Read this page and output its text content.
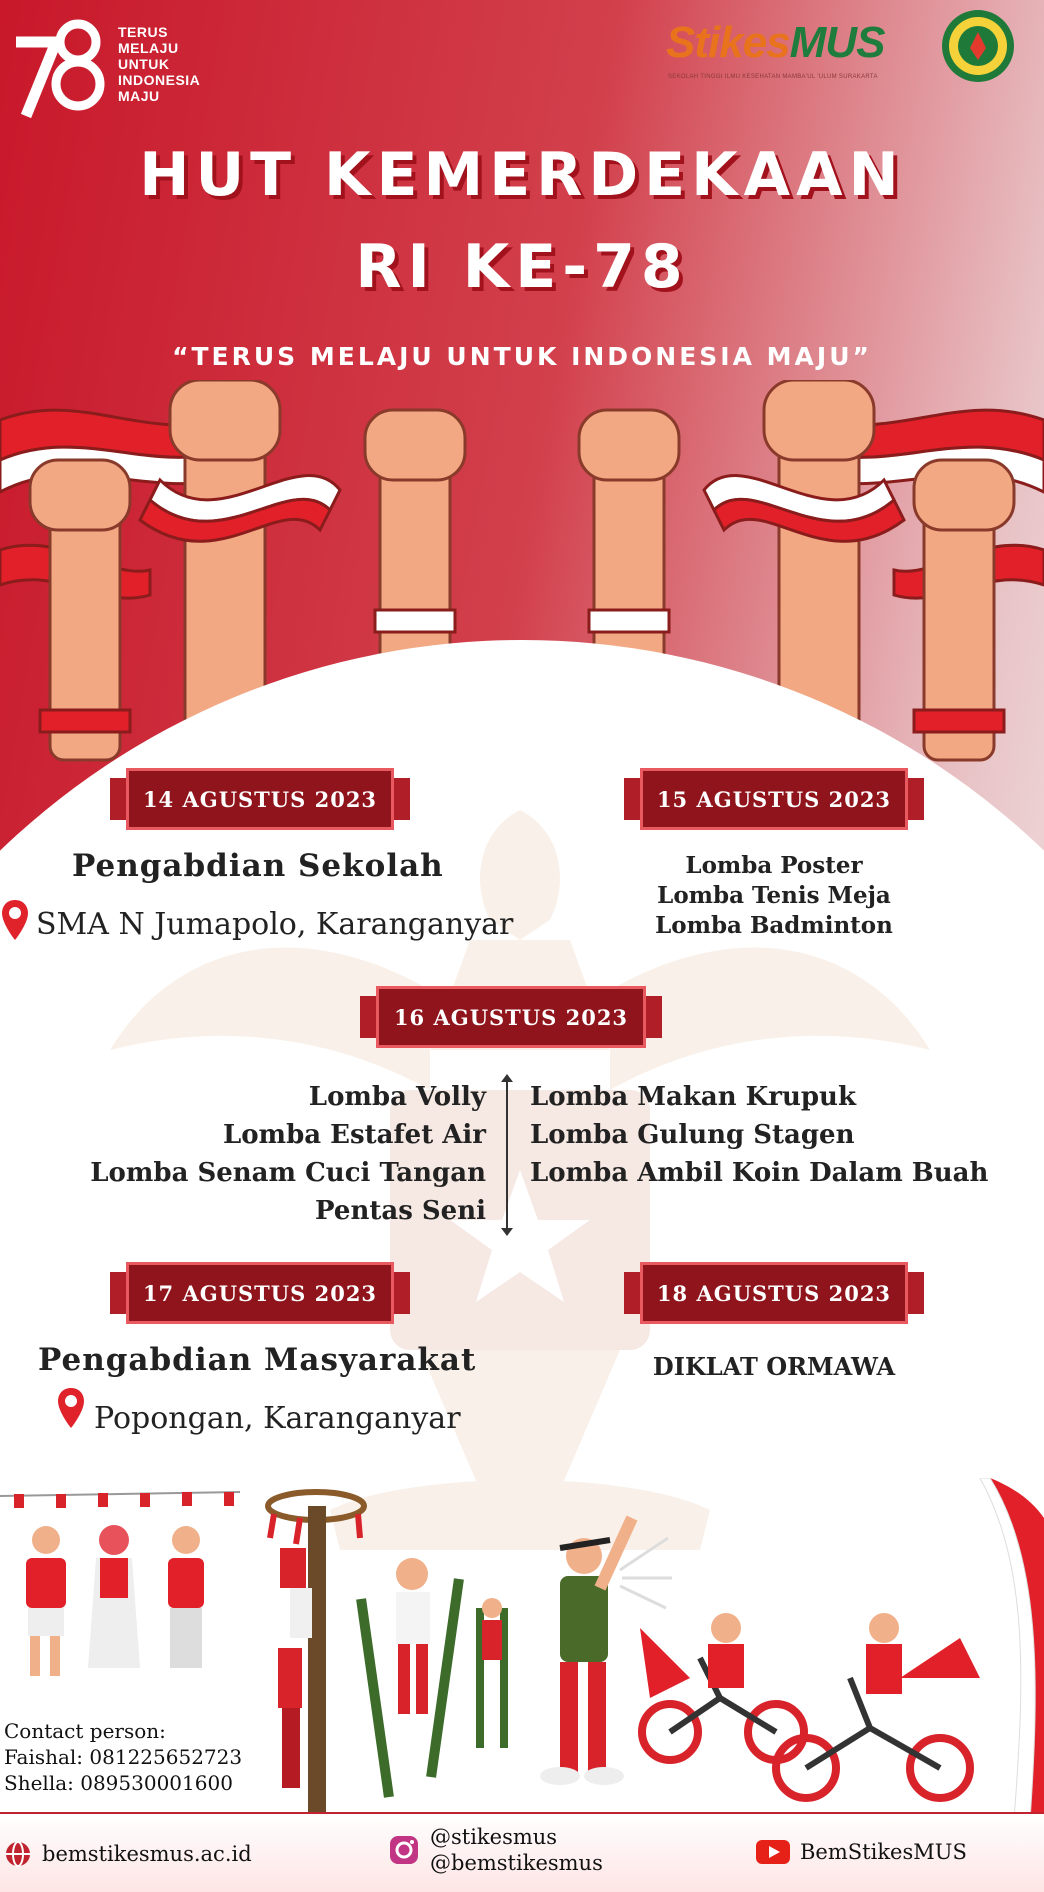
TERUS
MELAJU
UNTUK
INDONESIA
MAJU
StikesMUS
SEKOLAH TINGGI ILMU KESEHATAN MAMBA'UL 'ULUM SURAKARTA
HUT KEMERDEKAAN
RI KE-78
“TERUS MELAJU UNTUK INDONESIA MAJU”
14 AGUSTUS 2023
Pengabdian Sekolah
SMA N Jumapolo, Karanganyar
15 AGUSTUS 2023
Lomba Poster
Lomba Tenis Meja
Lomba Badminton
16 AGUSTUS 2023
Lomba Volly
Lomba Estafet Air
Lomba Senam Cuci Tangan
Pentas Seni
Lomba Makan Krupuk
Lomba Gulung Stagen
Lomba Ambil Koin Dalam Buah
17 AGUSTUS 2023
Pengabdian Masyarakat
Popongan, Karanganyar
18 AGUSTUS 2023
DIKLAT ORMAWA
Contact person:
Faishal: 081225652723
Shella: 089530001600
bemstikesmus.ac.id
@stikesmus
@bemstikesmus	BemStikesMUS
